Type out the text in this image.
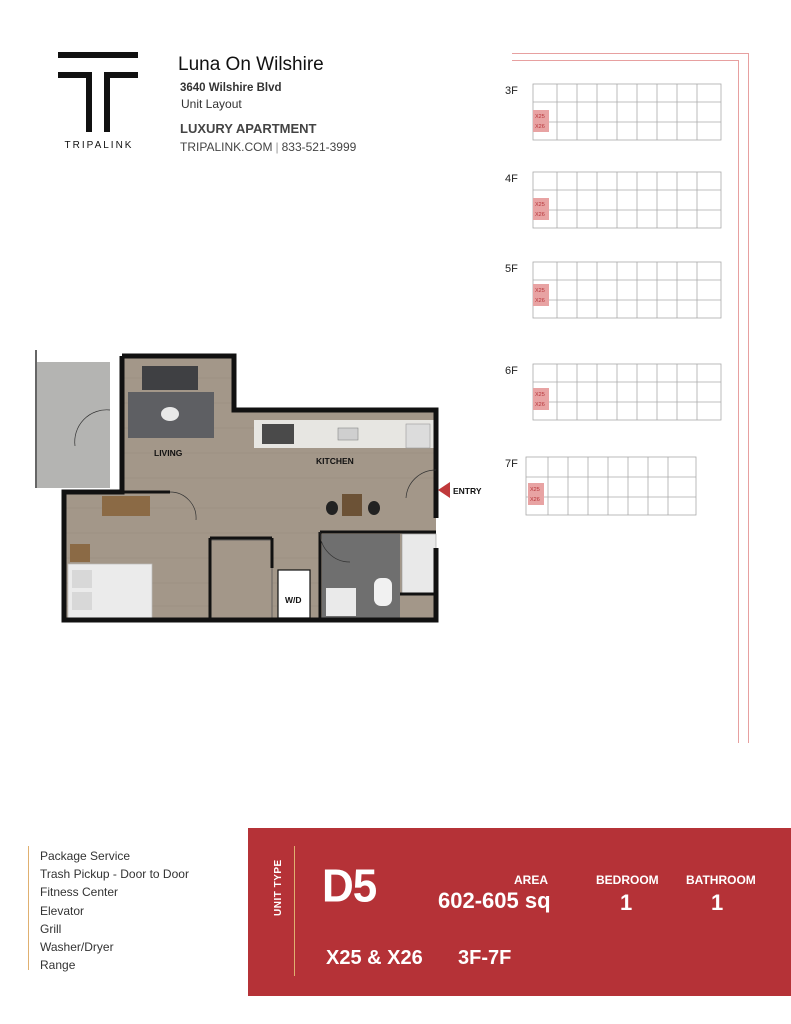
TRIPALINK
Luna On Wilshire
3640 Wilshire Blvd
Unit Layout
LUXURY APARTMENT
TRIPALINK.COM | 833-521-3999
3F
X25
X26
4F
X25
X26
5F
X25
X26
6F
X25
X26
7F
X25
X26
LIVING
KITCHEN
W/D
ENTRY
Package Service
Trash Pickup - Door to Door
Fitness Center
Elevator
Grill
Washer/Dryer
Range
UNIT TYPE D5	AREA
602-605 sq
BEDROOM
1
BATHROOM
1
X25 & X26 3F-7F
